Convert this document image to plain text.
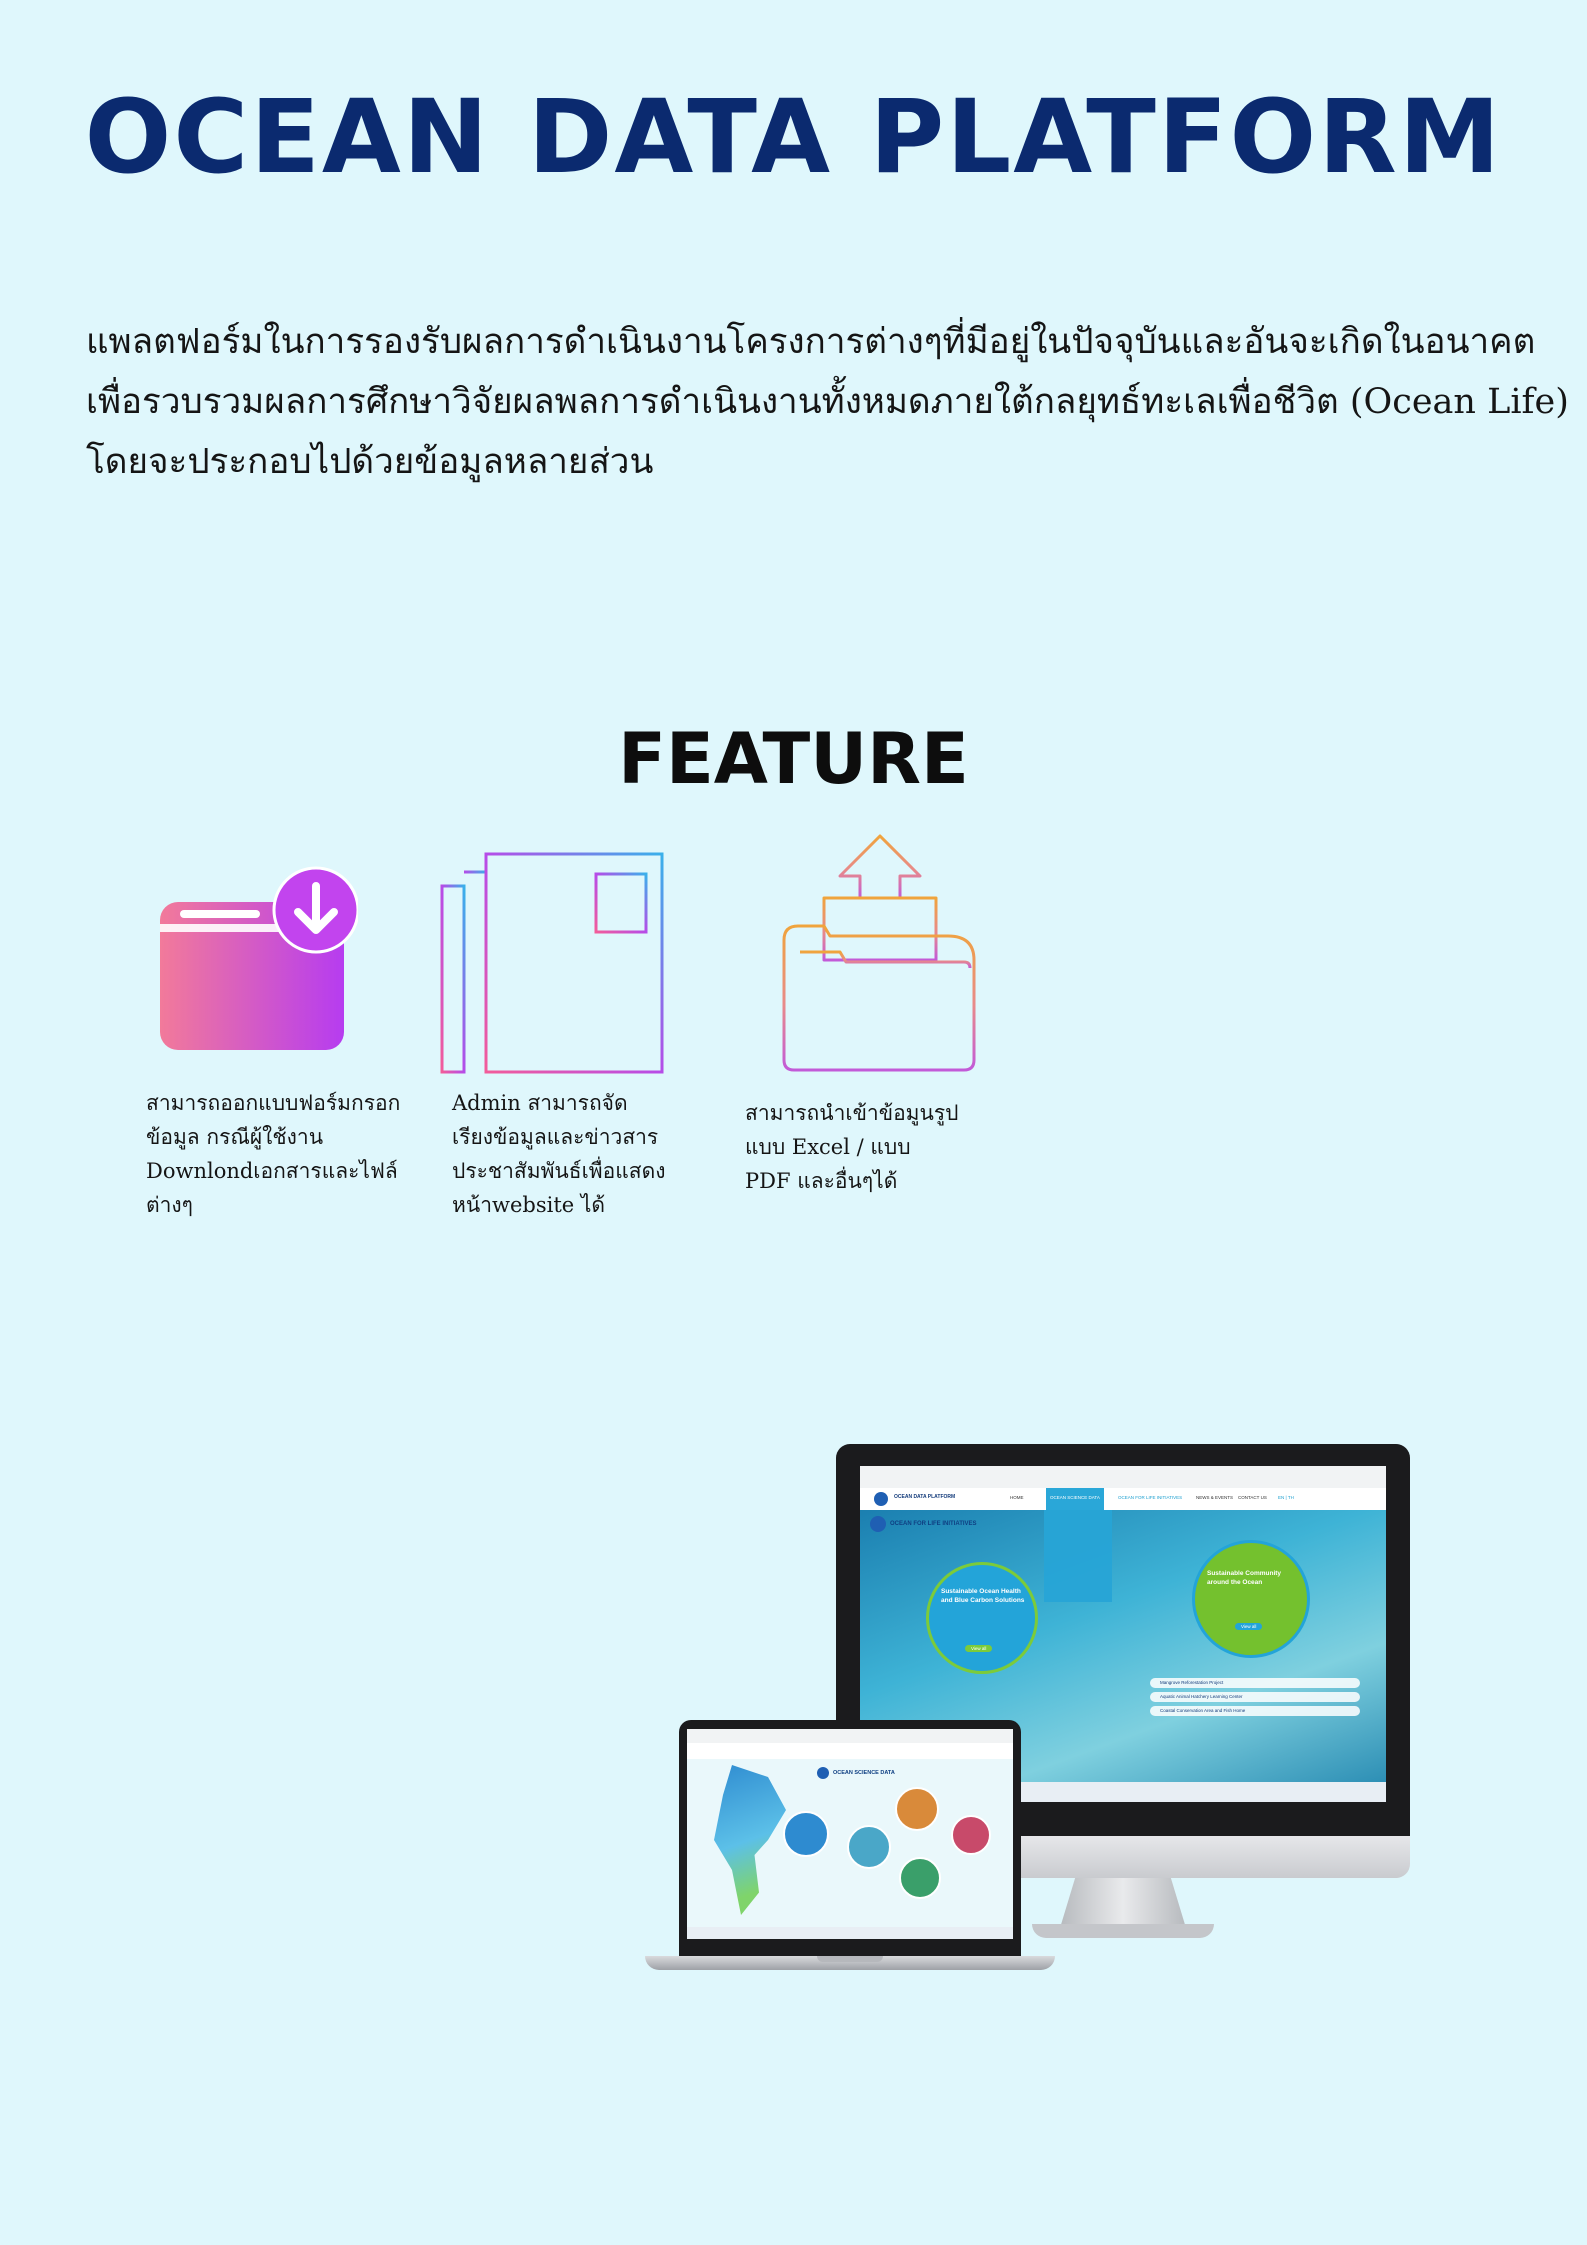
OCEAN DATA PLATFORM

แพลตฟอร์มในการรองรับผลการดำเนินงานโครงการต่างๆที่มีอยู่ในปัจจุบันและอันจะเกิดในอนาคต

เพื่อรวบรวมผลการศึกษาวิจัยผลพลการดำเนินงานทั้งหมดภายใต้กลยุทธ์ทะเลเพื่อชีวิต (Ocean Life)

โดยจะประกอบไปด้วยข้อมูลหลายส่วน

FEATURE

สามารถออกแบบฟอร์มกรอก

ข้อมูล กรณีผู้ใช้งาน

Downlondเอกสารและไฟล์

ต่างๆ

Admin สามารถจัด

เรียงข้อมูลและข่าวสาร

ประชาสัมพันธ์เพื่อแสดง

หน้าwebsite ได้

สามารถนำเข้าข้อมูนรูป

แบบ Excel / แบบ

PDF และอื่นๆได้

OCEAN DATA PLATFORM	HOME	OCEAN SCIENCE DATA	OCEAN FOR LIFE INITIATIVES	NEWS & EVENTS CONTACT US EN | TH
OCEAN FOR LIFE INITIATIVES
Sustainable Ocean Health and Blue Carbon Solutions
View all
Sustainable Community around the Ocean
View all
Mangrove Reforestation Project
Aquatic Animal Hatchery Learning Center
Coastal Conservation Area and Fish Home
OCEAN SCIENCE DATA
